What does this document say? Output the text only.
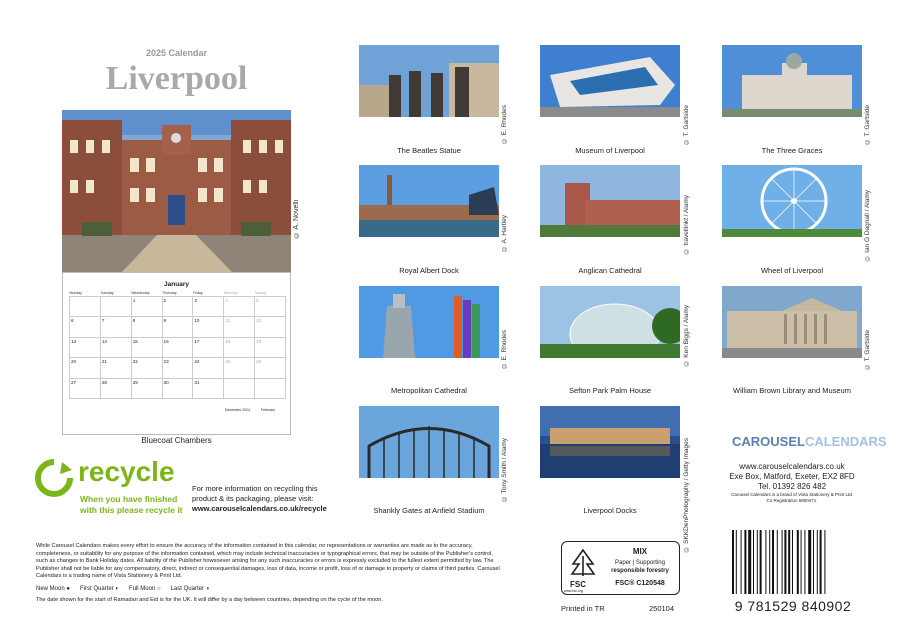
2025 Calendar
Liverpool
© A. Novelli
January
Monday	Tuesday	Wednesday	Thursday	Friday	Saturday	Sunday
		1	2	3	4	5
6	7	8	9	10	11	12
13	14	15	16	17	18	19
20	21	22	23	24	25	26
27	28	29	30	31		
December 2024	February
Bluecoat Chambers
The Beatles Statue	Museum of Liverpool	The Three Graces
© E. Rhodes	© T. Gartside	© T. Gartside
Royal Albert Dock	Anglican Cathedral	Wheel of Liverpool
© A. Hartley	© travellinkt / Alamy	© Ian G Dagnall / Alamy
Metropolitan Cathedral	Sefton Park Palm House	William Brown Library and Museum
© E. Rhodes	© Ken Biggs / Alamy	© T. Gartside
Shankly Gates at Anfield Stadium	Liverpool Docks
© Tony Smith / Alamy	© SKKDenPhotography / Getty Images	CAROUSELCALENDARS
www.carouselcalendars.co.uk
Exe Box, Matford, Exeter, EX2 8FD
Tel. 01392 826 482
Carousel Calendars is a brand of Vista Stationery & Print Ltd.
Co Registration 5900471.
recycle
When you have finished
with this please recycle it
For more information on recycling this
product & its packaging, please visit:
www.carouselcalendars.co.uk/recycle
While Carousel Calendars makes every effort to ensure the accuracy of the information contained in this calendar, no representations or warranties are made as to the accuracy, completeness, or suitability for any purpose of the information contained, which may include technical inaccuracies or typographical errors, that may be outside of the Publisher's control, such as changes to Bank Holiday dates. All liability of the Publisher howsoever arising for any such inaccuracies or errors is expressly excluded to the fullest extent permitted by law. The Publisher shall not be liable for any compensatory, direct, indirect or consequential damages, loss of data, income or profit, loss of or damage to property or claims of third parties. Carousel Calendars is a trading name of Vista Stationery & Print Ltd.
New Moon ● First Quarter ◐ Full Moon ○ Last Quarter ◑
The date shown for the start of Ramadan and Eid is for the UK. It will differ by a day between countries, depending on the cycle of the moon.
FSC
MIX
Paper | Supporting
responsible forestry
FSC® C120548
www.fsc.org
Printed in TR	250104	9 781529 840902
